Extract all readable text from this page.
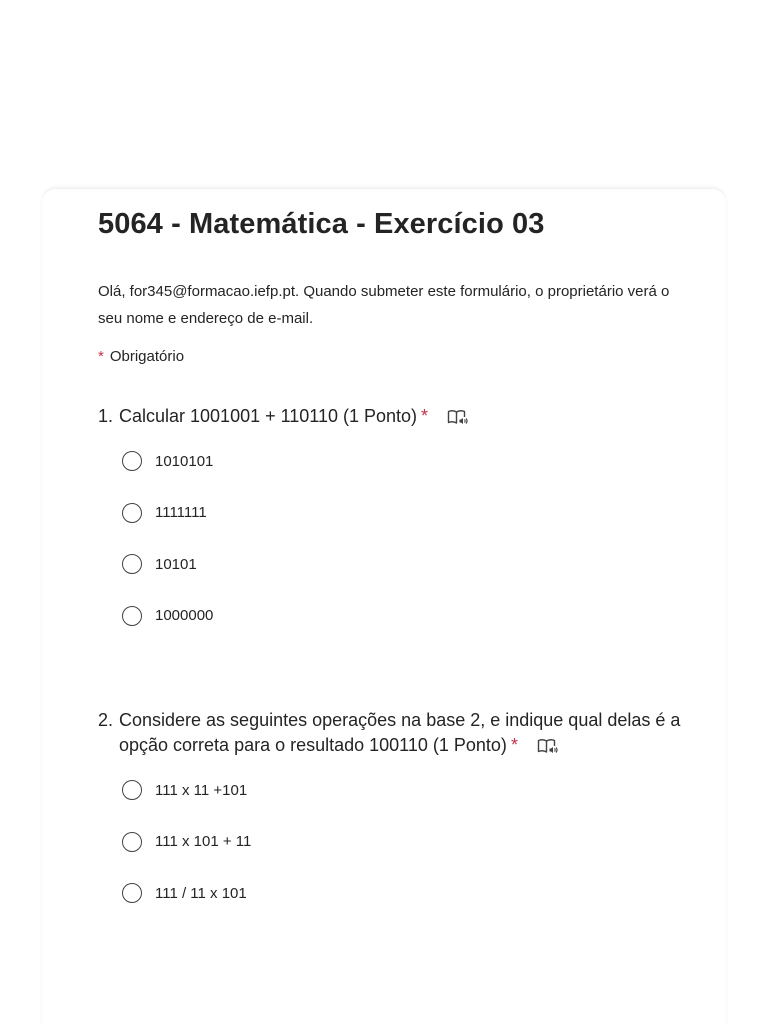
5064 - Matemática - Exercício 03
Olá, for345@formacao.iefp.pt. Quando submeter este formulário, o proprietário verá o seu nome e endereço de e-mail.
* Obrigatório
1. Calcular 1001001 + 110110 (1 Ponto) *
1010101
1111111
10101
1000000
2. Considere as seguintes operações na base 2, e indique qual delas é a opção correta para o resultado 100110 (1 Ponto) *
111 x 11 +101
111 x 101 + 11
111 / 11 x 101
